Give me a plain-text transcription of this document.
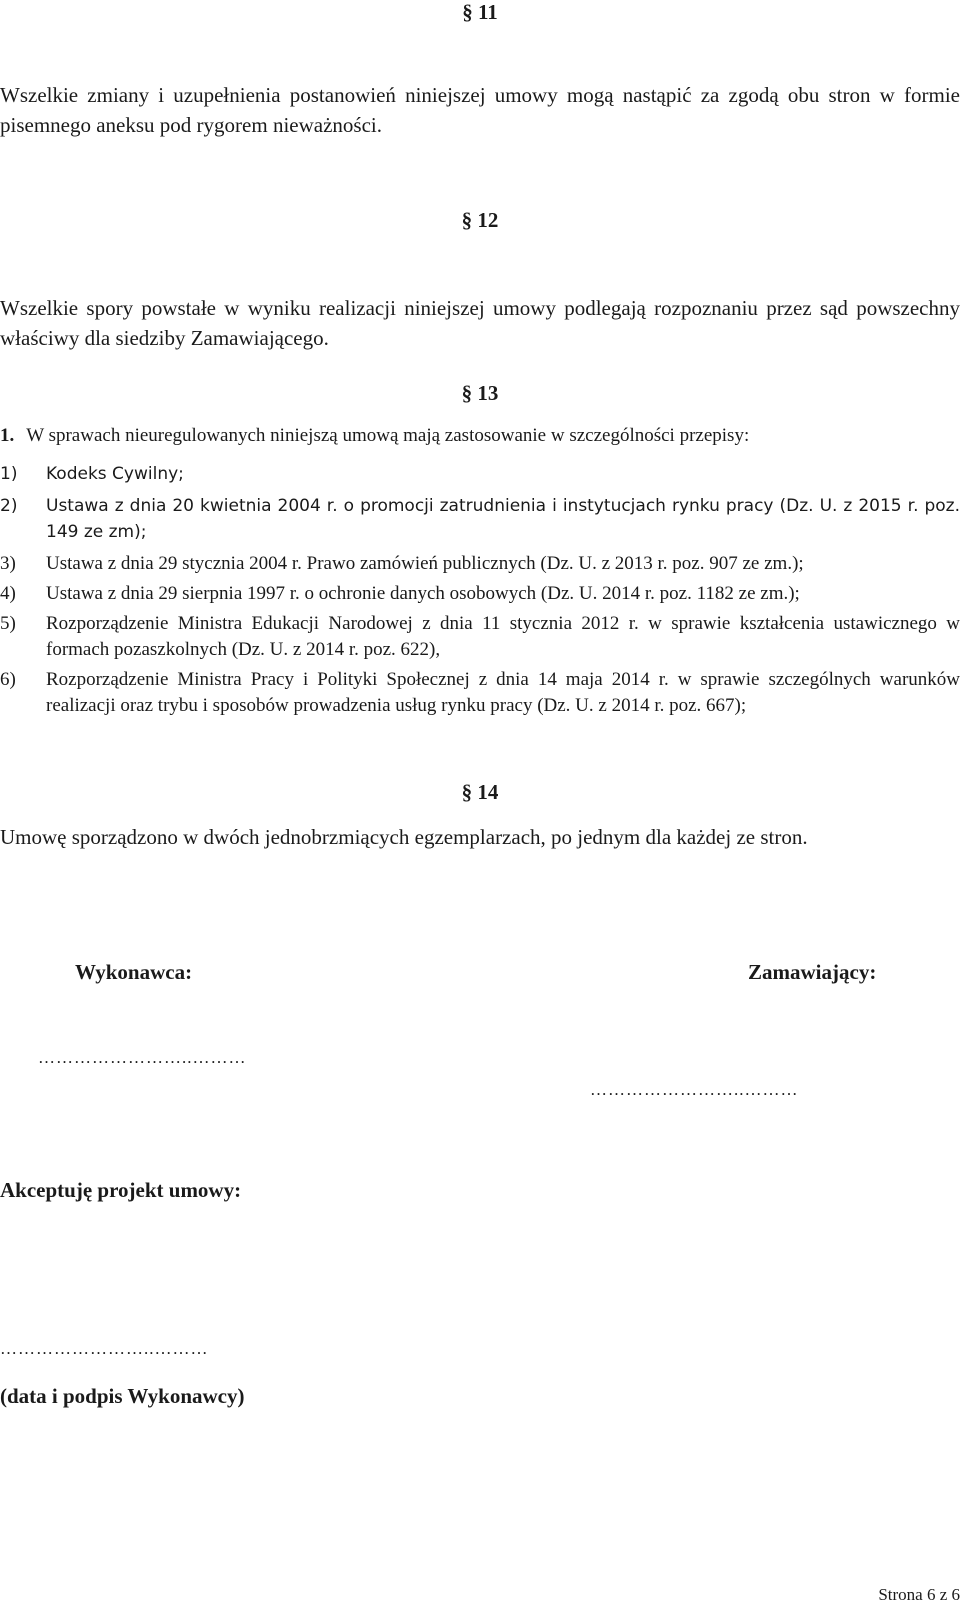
§ 11
Wszelkie zmiany i uzupełnienia postanowień niniejszej umowy mogą nastąpić za zgodą obu stron w formie pisemnego aneksu pod rygorem nieważności.
§ 12
Wszelkie spory powstałe w wyniku realizacji niniejszej umowy podlegają rozpoznaniu przez sąd powszechny właściwy dla siedziby Zamawiającego.
§ 13
1. W sprawach nieuregulowanych niniejszą umową mają zastosowanie w szczególności przepisy:
1)	Kodeks Cywilny;
2)	Ustawa z dnia 20 kwietnia 2004 r. o promocji zatrudnienia i instytucjach rynku pracy (Dz. U. z 2015 r. poz. 149 ze zm);
3)	Ustawa z dnia 29 stycznia 2004 r. Prawo zamówień publicznych (Dz. U. z 2013 r. poz. 907 ze zm.);
4)	Ustawa z dnia 29 sierpnia 1997 r. o ochronie danych osobowych (Dz. U. 2014 r. poz. 1182 ze zm.);
5)	Rozporządzenie Ministra Edukacji Narodowej z dnia 11 stycznia 2012 r. w sprawie kształcenia ustawicznego w formach pozaszkolnych (Dz. U. z 2014 r. poz. 622),
6)	Rozporządzenie Ministra Pracy i Polityki Społecznej z dnia 14 maja 2014 r. w sprawie szczególnych warunków realizacji oraz trybu i sposobów prowadzenia usług rynku pracy (Dz. U. z 2014 r. poz. 667);
§ 14
Umowę sporządzono w dwóch jednobrzmiących egzemplarzach, po jednym dla każdej ze stron.
Wykonawca:	Zamawiający:
……………………..………
……………………..………
Akceptuję projekt umowy:
……………………..………
(data i podpis Wykonawcy)
Strona 6 z 6
